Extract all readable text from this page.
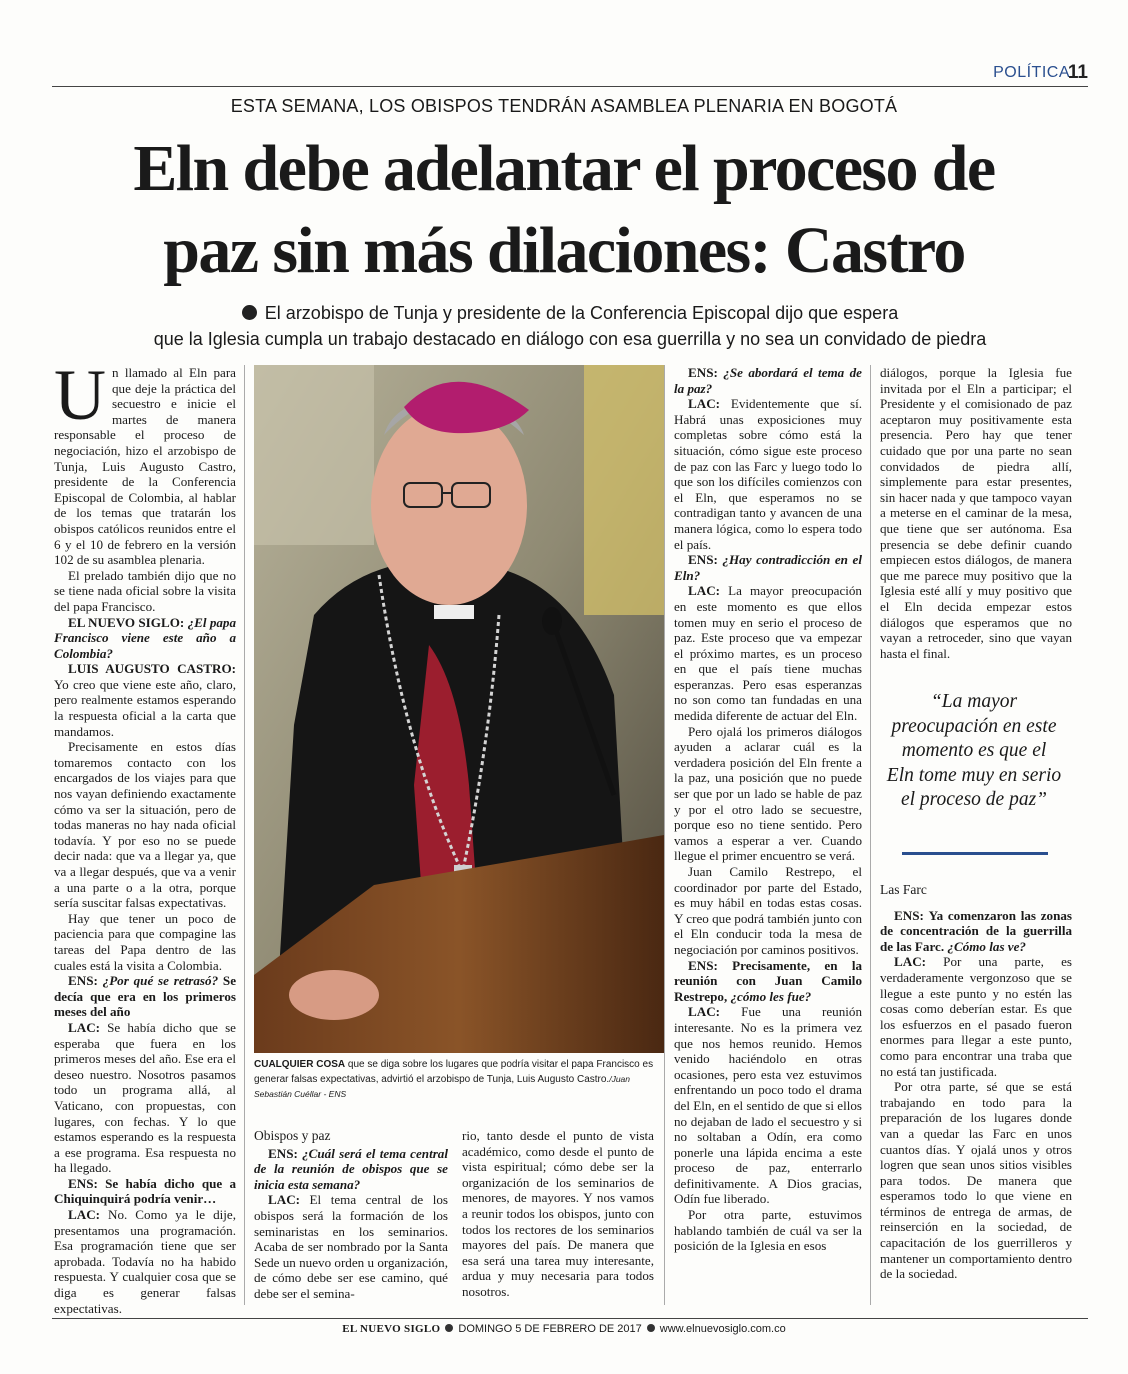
POLÍTICA
11
ESTA SEMANA, LOS OBISPOS TENDRÁN ASAMBLEA PLENARIA EN BOGOTÁ
Eln debe adelantar el proceso de
paz sin más dilaciones: Castro
El arzobispo de Tunja y presidente de la Conferencia Episcopal dijo que espera
que la Iglesia cumpla un trabajo destacado en diálogo con esa guerrilla y no sea un convidado de piedra

Un llamado al Eln para que deje la práctica del secuestro e inicie el martes de manera responsable el proceso de negociación, hizo el arzobispo de Tunja, Luis Augusto Castro, presidente de la Conferencia Episcopal de Colombia, al hablar de los temas que tratarán los obispos católicos reunidos entre el 6 y el 10 de febrero en la versión 102 de su asamblea plenaria.

El prelado también dijo que no se tiene nada oficial sobre la visita del papa Francisco.

EL NUEVO SIGLO: ¿El papa Francisco viene este año a Colombia?

LUIS AUGUSTO CASTRO: Yo creo que viene este año, claro, pero realmente estamos esperando la respuesta oficial a la carta que mandamos.

Precisamente en estos días tomaremos contacto con los encargados de los viajes para que nos vayan definiendo exactamente cómo va ser la situación, pero de todas maneras no hay nada oficial todavía. Y por eso no se puede decir nada: que va a llegar ya, que va a llegar después, que va a venir a una parte o a la otra, porque sería suscitar falsas expectativas.

Hay que tener un poco de paciencia para que compagine las tareas del Papa dentro de las cuales está la visita a Colombia.

ENS: ¿Por qué se retrasó? Se decía que era en los primeros meses del año

LAC: Se había dicho que se esperaba que fuera en los primeros meses del año. Ese era el deseo nuestro. Nosotros pasamos todo un programa allá, al Vaticano, con propuestas, con lugares, con fechas. Y lo que estamos esperando es la respuesta a ese programa. Esa respuesta no ha llegado.

ENS: Se había dicho que a Chiquinquirá podría venir…

LAC: No. Como ya le dije, presentamos una programación. Esa programación tiene que ser aprobada. Todavía no ha habido respuesta. Y cualquier cosa que se diga es generar falsas expectativas.

CUALQUIER COSA que se diga sobre los lugares que podría visitar el papa Francisco es generar falsas expectativas, advirtió el arzobispo de Tunja, Luis Augusto Castro./Juan Sebastián Cuéllar - ENS

Obispos y paz

ENS: ¿Cuál será el tema central de la reunión de obispos que se inicia esta semana?

LAC: El tema central de los obispos será la formación de los seminaristas en los seminarios. Acaba de ser nombrado por la Santa Sede un nuevo orden u organización, de cómo debe ser ese camino, qué debe ser el semina-

rio, tanto desde el punto de vista académico, como desde el punto de vista espiritual; cómo debe ser la organización de los seminarios de menores, de mayores. Y nos vamos a reunir todos los obispos, junto con todos los rectores de los seminarios mayores del país. De manera que esa será una tarea muy interesante, ardua y muy necesaria para todos nosotros.

ENS: ¿Se abordará el tema de la paz?

LAC: Evidentemente que sí. Habrá unas exposiciones muy completas sobre cómo está la situación, cómo sigue este proceso de paz con las Farc y luego todo lo que son los difíciles comienzos con el Eln, que esperamos no se contradigan tanto y avancen de una manera lógica, como lo espera todo el país.

ENS: ¿Hay contradicción en el Eln?

LAC: La mayor preocupación en este momento es que ellos tomen muy en serio el proceso de paz. Este proceso que va empezar el próximo martes, es un proceso en que el país tiene muchas esperanzas. Pero esas esperanzas no son como tan fundadas en una medida diferente de actuar del Eln.

Pero ojalá los primeros diálogos ayuden a aclarar cuál es la verdadera posición del Eln frente a la paz, una posición que no puede ser que por un lado se hable de paz y por el otro lado se secuestre, porque eso no tiene sentido. Pero vamos a esperar a ver. Cuando llegue el primer encuentro se verá.

Juan Camilo Restrepo, el coordinador por parte del Estado, es muy hábil en todas estas cosas. Y creo que podrá también junto con el Eln conducir toda la mesa de negociación por caminos positivos.

ENS: Precisamente, en la reunión con Juan Camilo Restrepo, ¿cómo les fue?

LAC: Fue una reunión interesante. No es la primera vez que nos hemos reunido. Hemos venido haciéndolo en otras ocasiones, pero esta vez estuvimos enfrentando un poco todo el drama del Eln, en el sentido de que si ellos no dejaban de lado el secuestro y si no soltaban a Odín, era como ponerle una lápida encima a este proceso de paz, enterrarlo definitivamente. A Dios gracias, Odín fue liberado.

Por otra parte, estuvimos hablando también de cuál va ser la posición de la Iglesia en esos

diálogos, porque la Iglesia fue invitada por el Eln a participar; el Presidente y el comisionado de paz aceptaron muy positivamente esta presencia. Pero hay que tener cuidado que por una parte no sean convidados de piedra allí, simplemente para estar presentes, sin hacer nada y que tampoco vayan a meterse en el caminar de la mesa, que tiene que ser autónoma. Esa presencia se debe definir cuando empiecen estos diálogos, de manera que me parece muy positivo que la Iglesia esté allí y muy positivo que el Eln decida empezar estos diálogos que esperamos que no vayan a retroceder, sino que vayan hasta el final.

“La mayor preocupación en este momento es que el Eln tome muy en serio el proceso de paz”

Las Farc

ENS: Ya comenzaron las zonas de concentración de la guerrilla de las Farc. ¿Cómo las ve?

LAC: Por una parte, es verdaderamente vergonzoso que se llegue a este punto y no estén las cosas como deberían estar. Es que los esfuerzos en el pasado fueron enormes para llegar a este punto, como para encontrar una traba que no está tan justificada.

Por otra parte, sé que se está trabajando en todo para la preparación de los lugares donde van a quedar las Farc en unos cuantos días. Y ojalá unos y otros logren que sean unos sitios visibles para todos. De manera que esperamos todo lo que viene en términos de entrega de armas, de reinserción en la sociedad, de capacitación de los guerrilleros y mantener un comportamiento dentro de la sociedad.

EL NUEVO SIGLO DOMINGO 5 DE FEBRERO DE 2017 www.elnuevosiglo.com.co
